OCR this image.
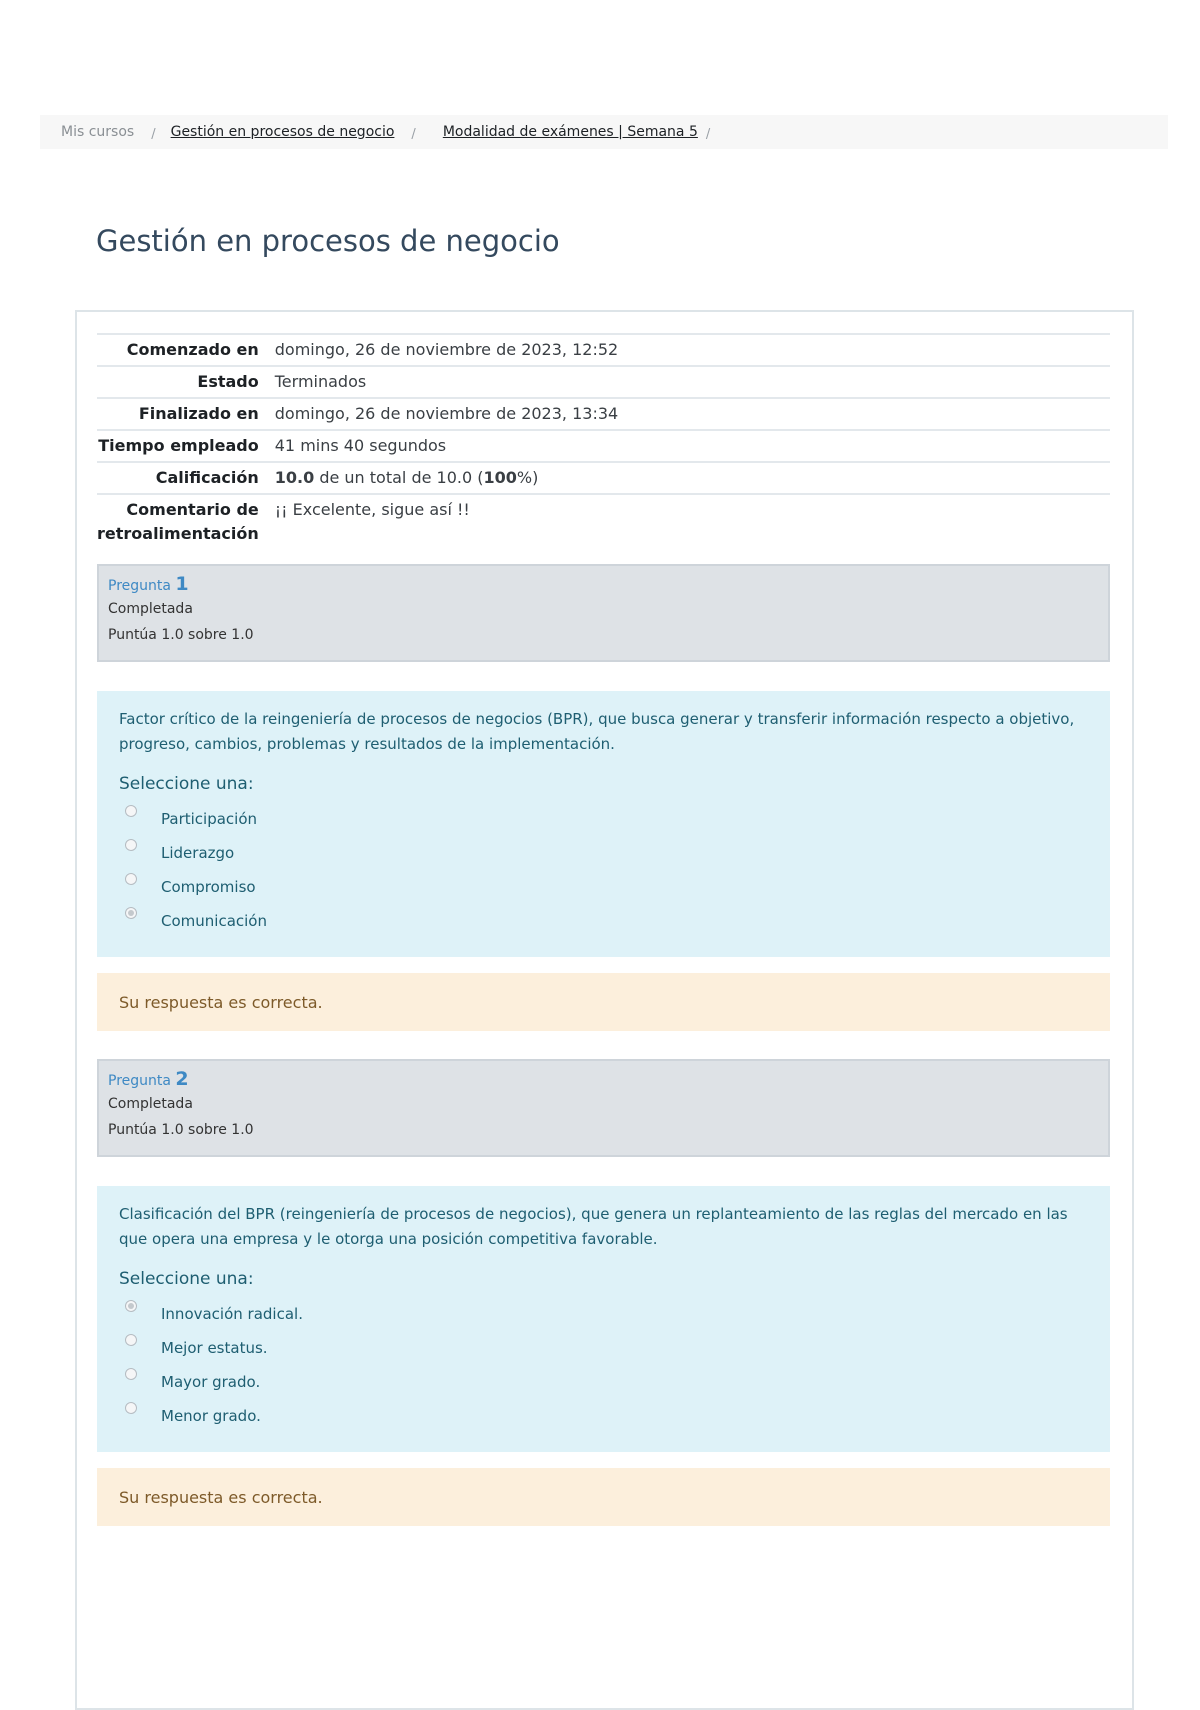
Mis cursos / Gestión en procesos de negocio / Modalidad de exámenes | Semana 5 /
Gestión en procesos de negocio
Comenzado en	domingo, 26 de noviembre de 2023, 12:52
Estado	Terminados
Finalizado en	domingo, 26 de noviembre de 2023, 13:34
Tiempo empleado	41 mins 40 segundos
Calificación	10.0 de un total de 10.0 (100%)
Comentario de retroalimentación	¡¡ Excelente, sigue así !!
Pregunta 1
Completada
Puntúa 1.0 sobre 1.0
Factor crítico de la reingeniería de procesos de negocios (BPR), que busca generar y transferir información respecto a objetivo, progreso, cambios, problemas y resultados de la implementación.
Seleccione una:
Participación
Liderazgo
Compromiso
Comunicación
Su respuesta es correcta.
Pregunta 2
Completada
Puntúa 1.0 sobre 1.0
Clasificación del BPR (reingeniería de procesos de negocios), que genera un replanteamiento de las reglas del mercado en las que opera una empresa y le otorga una posición competitiva favorable.
Seleccione una:
Innovación radical.
Mejor estatus.
Mayor grado.
Menor grado.
Su respuesta es correcta.
